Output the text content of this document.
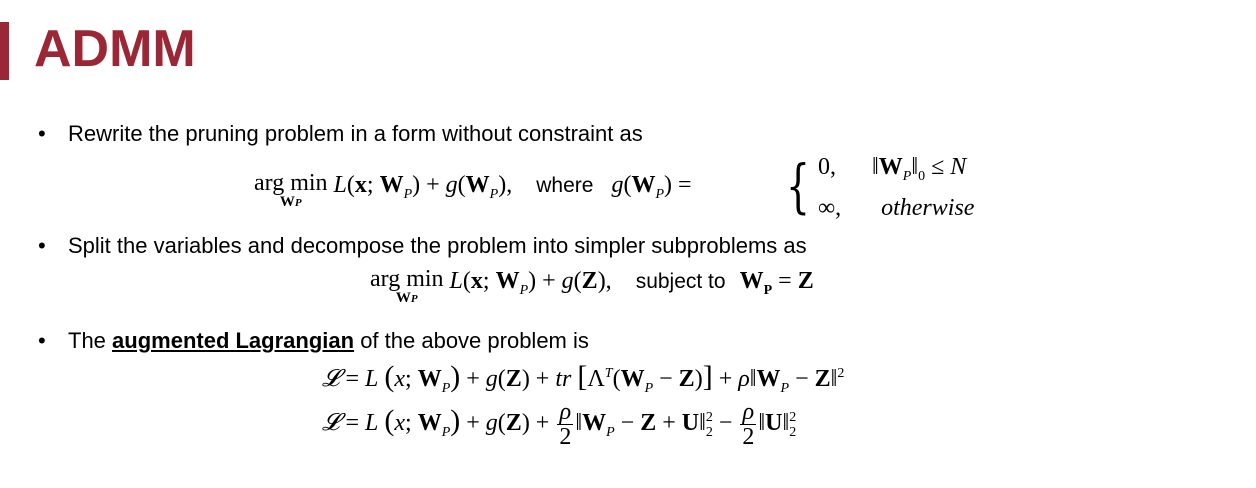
ADMM
• Rewrite the pruning problem in a form without constraint as
arg min
WP
L(x; $W_P) + g(W_P)$, where $g(W_P)$ = { 0, $‖W_P‖_0 \le N$
∞, otherwise
• Split the variables and decompose the problem into simpler subproblems as
arg min
WP
L(x; $W_P) + g(Z)$, subject to $W_P = Z$
• The augmented Lagrangian of the above problem is
𝓛 = L (x; $W_P) + g(Z)$ + tr $[\Lambda^T(W_P - Z)]$ + $\rho‖W_P$ − Z‖$^2$
𝓛 = L (x; $W_P) + g(Z) + \frac{\rho}{2}$ $‖W_P - Z$ + U‖$^2_2$ − $\frac{\rho}{2}$ ‖U‖$^2_2$
